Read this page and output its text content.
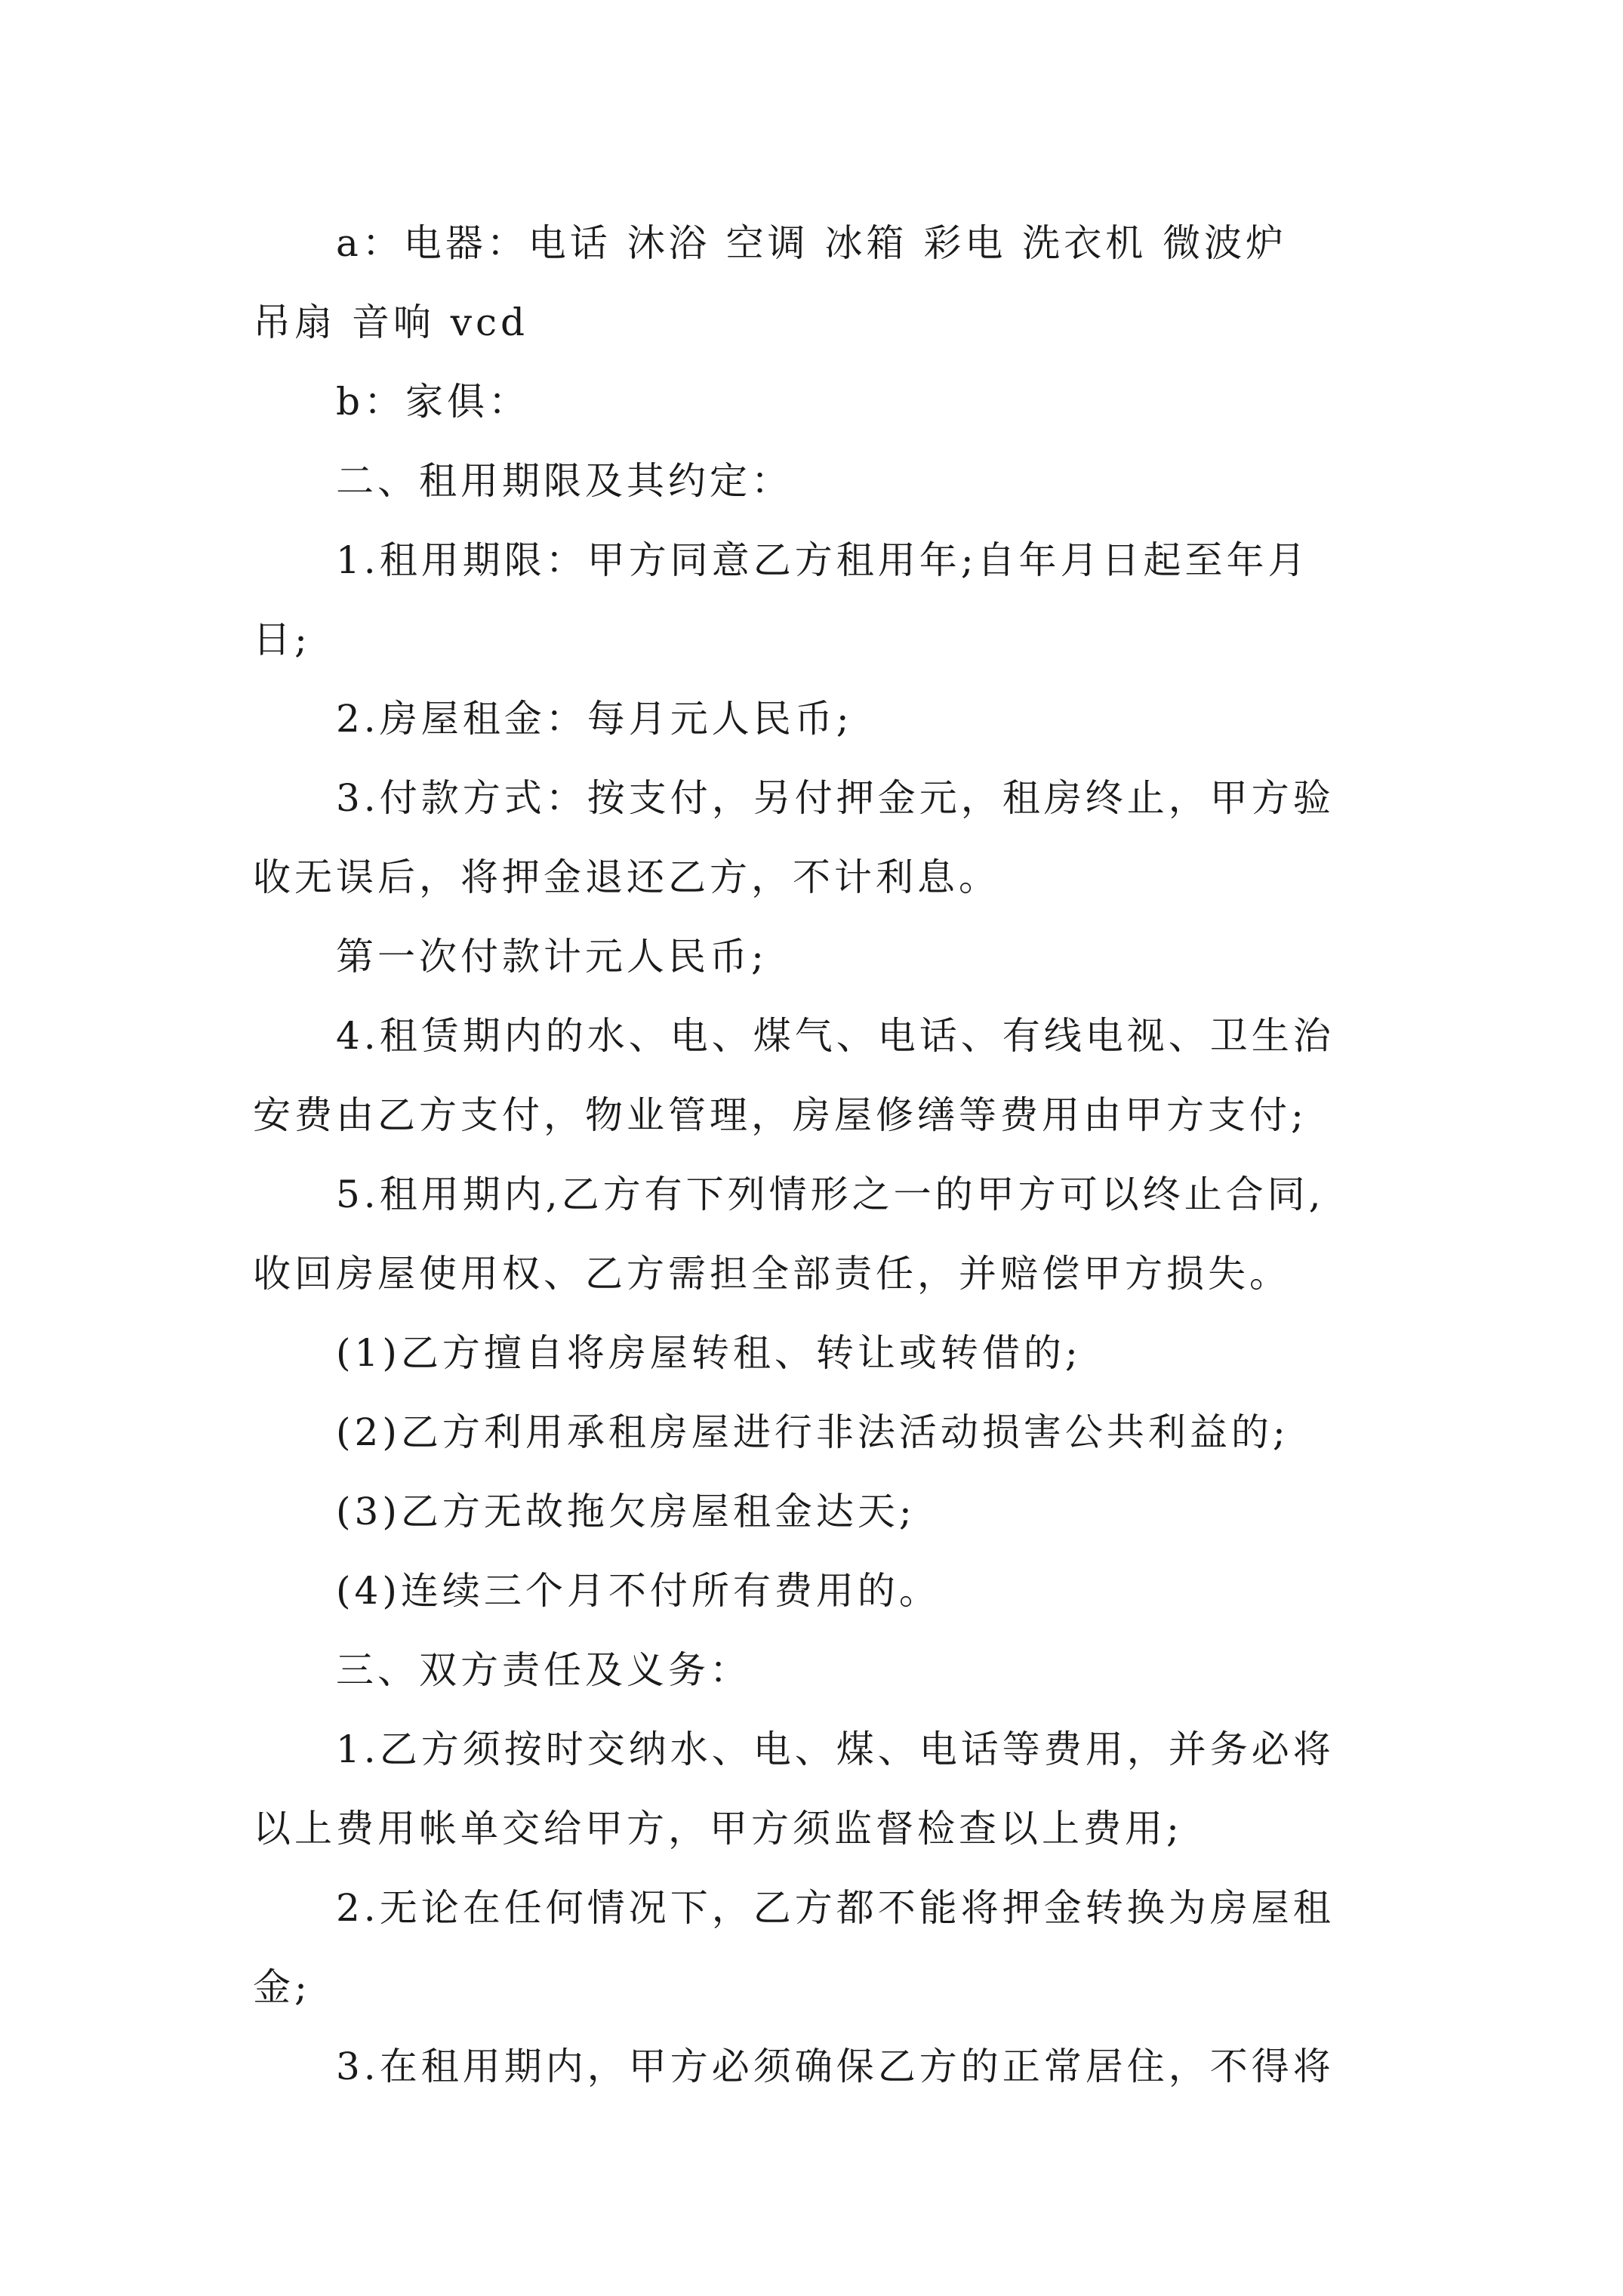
a：电器：电话 沐浴 空调 冰箱 彩电 洗衣机 微波炉

吊扇 音响 vcd

b：家俱：

二、租用期限及其约定：

1.租用期限：甲方同意乙方租用年;自年月日起至年月

日;

2.房屋租金：每月元人民币;

3.付款方式：按支付，另付押金元，租房终止，甲方验

收无误后，将押金退还乙方，不计利息。

第一次付款计元人民币;

4.租赁期内的水、电、煤气、电话、有线电视、卫生治

安费由乙方支付，物业管理，房屋修缮等费用由甲方支付;

5.租用期内,乙方有下列情形之一的甲方可以终止合同,

收回房屋使用权、乙方需担全部责任，并赔偿甲方损失。

(1)乙方擅自将房屋转租、转让或转借的;

(2)乙方利用承租房屋进行非法活动损害公共利益的;

(3)乙方无故拖欠房屋租金达天;

(4)连续三个月不付所有费用的。

三、双方责任及义务：

1.乙方须按时交纳水、电、煤、电话等费用，并务必将

以上费用帐单交给甲方，甲方须监督检查以上费用;

2.无论在任何情况下，乙方都不能将押金转换为房屋租

金;

3.在租用期内，甲方必须确保乙方的正常居住，不得将
